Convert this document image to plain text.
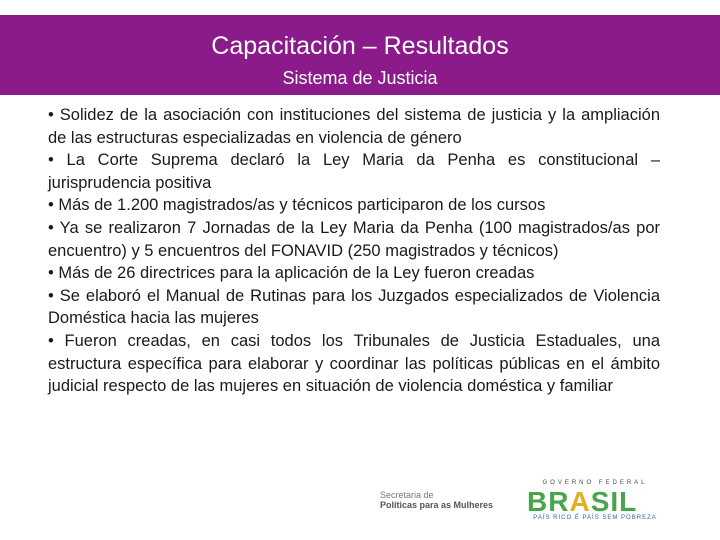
Capacitación – Resultados
Sistema de Justicia

• Solidez de la asociación con instituciones del sistema de justicia y la ampliación de las estructuras especializadas en violencia de género

• La Corte Suprema declaró la Ley Maria da Penha es constitucional – jurisprudencia positiva

• Más de 1.200 magistrados/as y técnicos participaron de los cursos

• Ya se realizaron 7 Jornadas de la Ley Maria da Penha (100 magistrados/as por encuentro) y 5 encuentros del FONAVID (250 magistrados y técnicos)

• Más de 26 directrices para la aplicación de la Ley fueron creadas

• Se elaboró el Manual de Rutinas para los Juzgados especializados de Violencia Doméstica hacia las mujeres

• Fueron creadas, en casi todos los Tribunales de Justicia Estaduales, una estructura específica para elaborar y coordinar las políticas públicas en el ámbito judicial respecto de las mujeres en situación de violencia doméstica y familiar

Secretaria de
Políticas para as Mulheres
GOVERNO FEDERAL
BRASIL
PAÍS RICO É PAÍS SEM POBREZA
